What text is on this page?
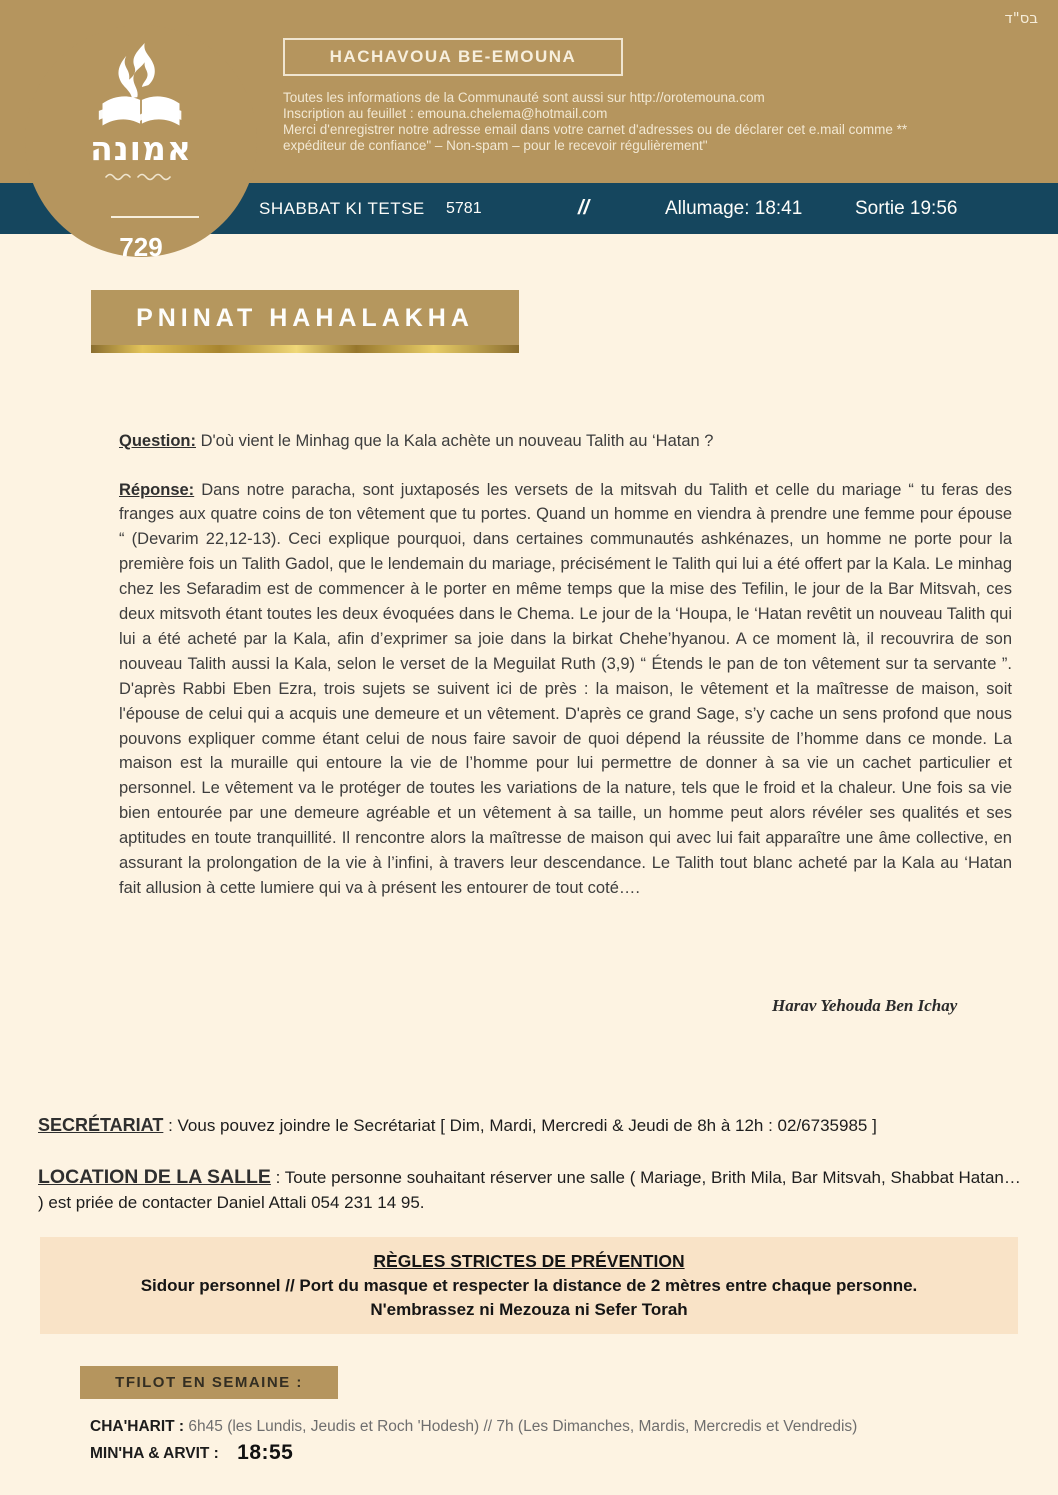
בס"ד
HACHAVOUA BE-EMOUNA
Toutes les informations de la Communauté sont aussi sur http://orotemouna.com
Inscription au feuillet : emouna.chelema@hotmail.com
Merci d'enregistrer notre adresse email dans votre carnet d'adresses ou de déclarer cet e.mail comme **
expéditeur de confiance" – Non-spam – pour le recevoir régulièrement"
SHABBAT KI TETSE 5781	//	Allumage: 18:41	Sortie 19:56
אמונה
729
PNINAT HAHALAKHA

Question: D'où vient le Minhag que la Kala achète un nouveau Talith au ‘Hatan ?

Réponse: Dans notre paracha, sont juxtaposés les versets de la mitsvah du Talith et celle du mariage “ tu feras des franges aux quatre coins de ton vêtement que tu portes. Quand un homme en viendra à prendre une femme pour épouse “ (Devarim 22,12-13). Ceci explique pourquoi, dans certaines communautés ashkénazes, un homme ne porte pour la première fois un Talith Gadol, que le lendemain du mariage, précisément le Talith qui lui a été offert par la Kala. Le minhag chez les Sefaradim est de commencer à le porter en même temps que la mise des Tefilin, le jour de la Bar Mitsvah, ces deux mitsvoth étant toutes les deux évoquées dans le Chema. Le jour de la ‘Houpa, le ‘Hatan revêtit un nouveau Talith qui lui a été acheté par la Kala, afin d’exprimer sa joie dans la birkat Chehe’hyanou. A ce moment là, il recouvrira de son nouveau Talith aussi la Kala, selon le verset de la Meguilat Ruth (3,9) “ Étends le pan de ton vêtement sur ta servante ”. D'après Rabbi Eben Ezra, trois sujets se suivent ici de près : la maison, le vêtement et la maîtresse de maison, soit l'épouse de celui qui a acquis une demeure et un vêtement. D'après ce grand Sage, s’y cache un sens profond que nous pouvons expliquer comme étant celui de nous faire savoir de quoi dépend la réussite de l’homme dans ce monde. La maison est la muraille qui entoure la vie de l’homme pour lui permettre de donner à sa vie un cachet particulier et personnel. Le vêtement va le protéger de toutes les variations de la nature, tels que le froid et la chaleur. Une fois sa vie bien entourée par une demeure agréable et un vêtement à sa taille, un homme peut alors révéler ses qualités et ses aptitudes en toute tranquillité. Il rencontre alors la maîtresse de maison qui avec lui fait apparaître une âme collective, en assurant la prolongation de la vie à l’infini, à travers leur descendance. Le Talith tout blanc acheté par la Kala au ‘Hatan fait allusion à cette lumiere qui va à présent les entourer de tout coté….

Harav Yehouda Ben Ichay

SECRÉTARIAT : Vous pouvez joindre le Secrétariat [ Dim, Mardi, Mercredi & Jeudi de 8h à 12h : 02/6735985 ]

LOCATION DE LA SALLE : Toute personne souhaitant réserver une salle ( Mariage, Brith Mila, Bar Mitsvah, Shabbat Hatan… ) est priée de contacter Daniel Attali 054 231 14 95.

RÈGLES STRICTES DE PRÉVENTION
Sidour personnel // Port du masque et respecter la distance de 2 mètres entre chaque personne.
N'embrassez ni Mezouza ni Sefer Torah
TFILOT EN SEMAINE :

CHA'HARIT : 6h45 (les Lundis, Jeudis et Roch 'Hodesh) // 7h (Les Dimanches, Mardis, Mercredis et Vendredis)

MIN'HA & ARVIT : 18:55
